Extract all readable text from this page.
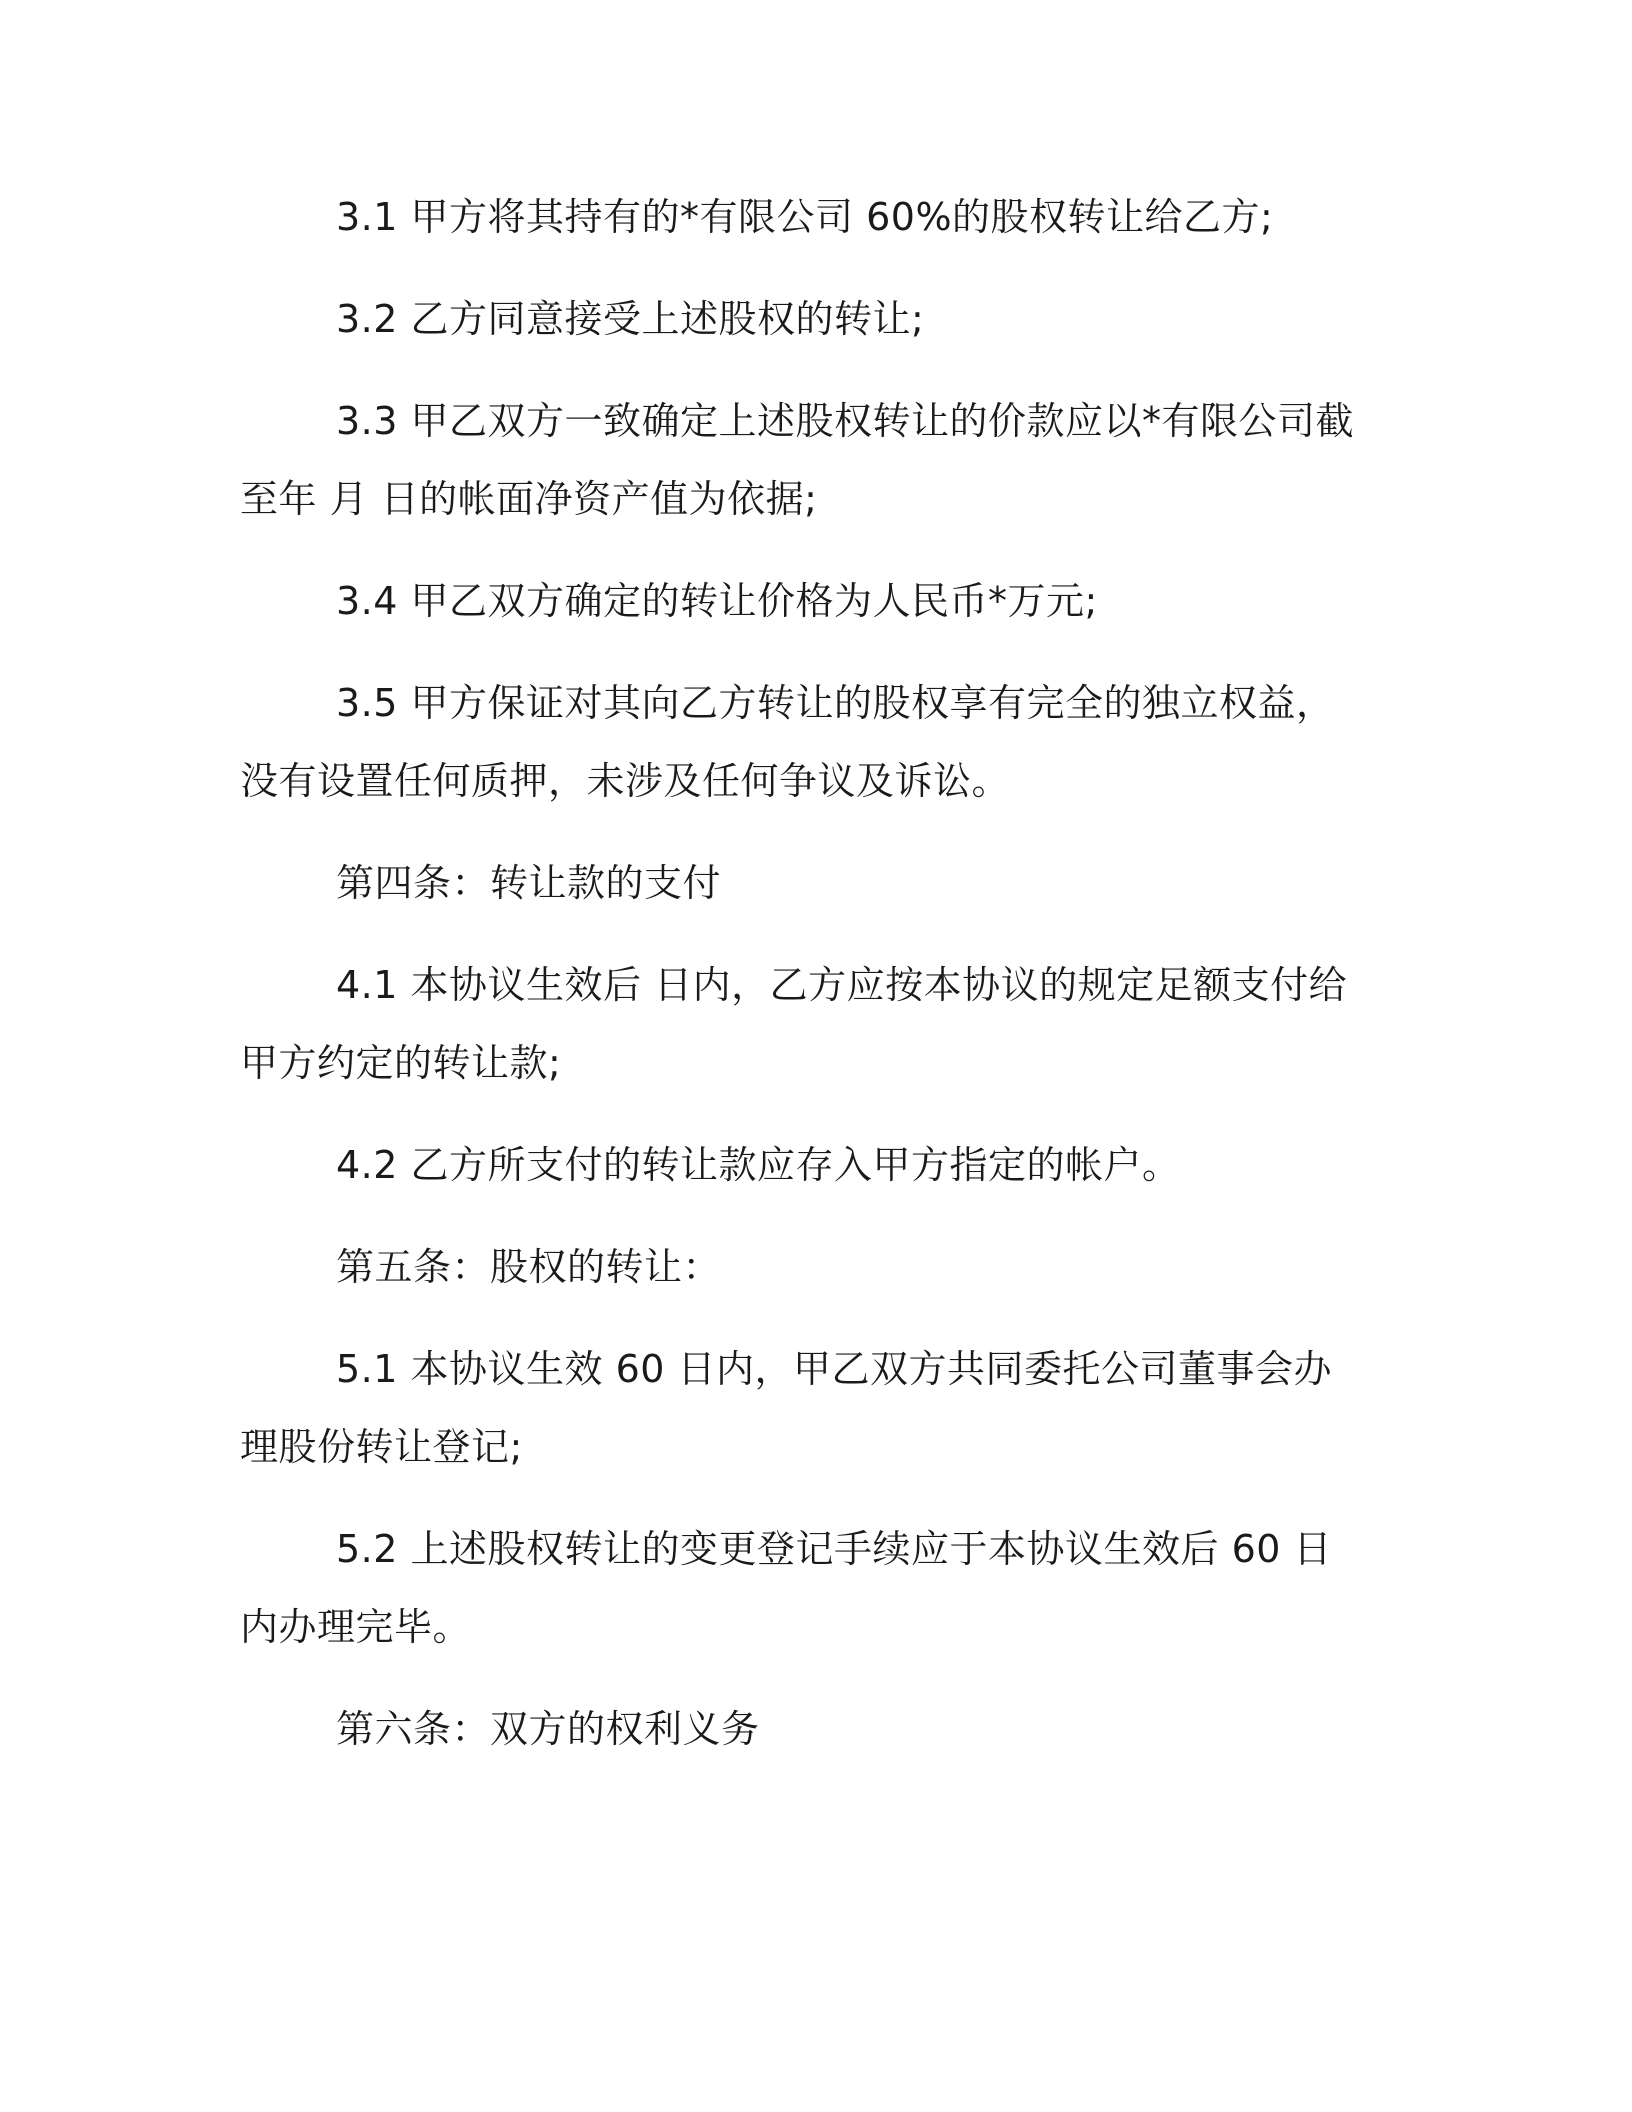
3.1 甲方将其持有的*有限公司 60%的股权转让给乙方;

3.2 乙方同意接受上述股权的转让;

3.3 甲乙双方一致确定上述股权转让的价款应以*有限公司截至年 月 日的帐面净资产值为依据;

3.4 甲乙双方确定的转让价格为人民币*万元;

3.5 甲方保证对其向乙方转让的股权享有完全的独立权益，没有设置任何质押，未涉及任何争议及诉讼。

第四条：转让款的支付

4.1 本协议生效后 日内，乙方应按本协议的规定足额支付给甲方约定的转让款;

4.2 乙方所支付的转让款应存入甲方指定的帐户。

第五条：股权的转让：

5.1 本协议生效 60 日内，甲乙双方共同委托公司董事会办理股份转让登记;

5.2 上述股权转让的变更登记手续应于本协议生效后 60 日内办理完毕。

第六条：双方的权利义务
